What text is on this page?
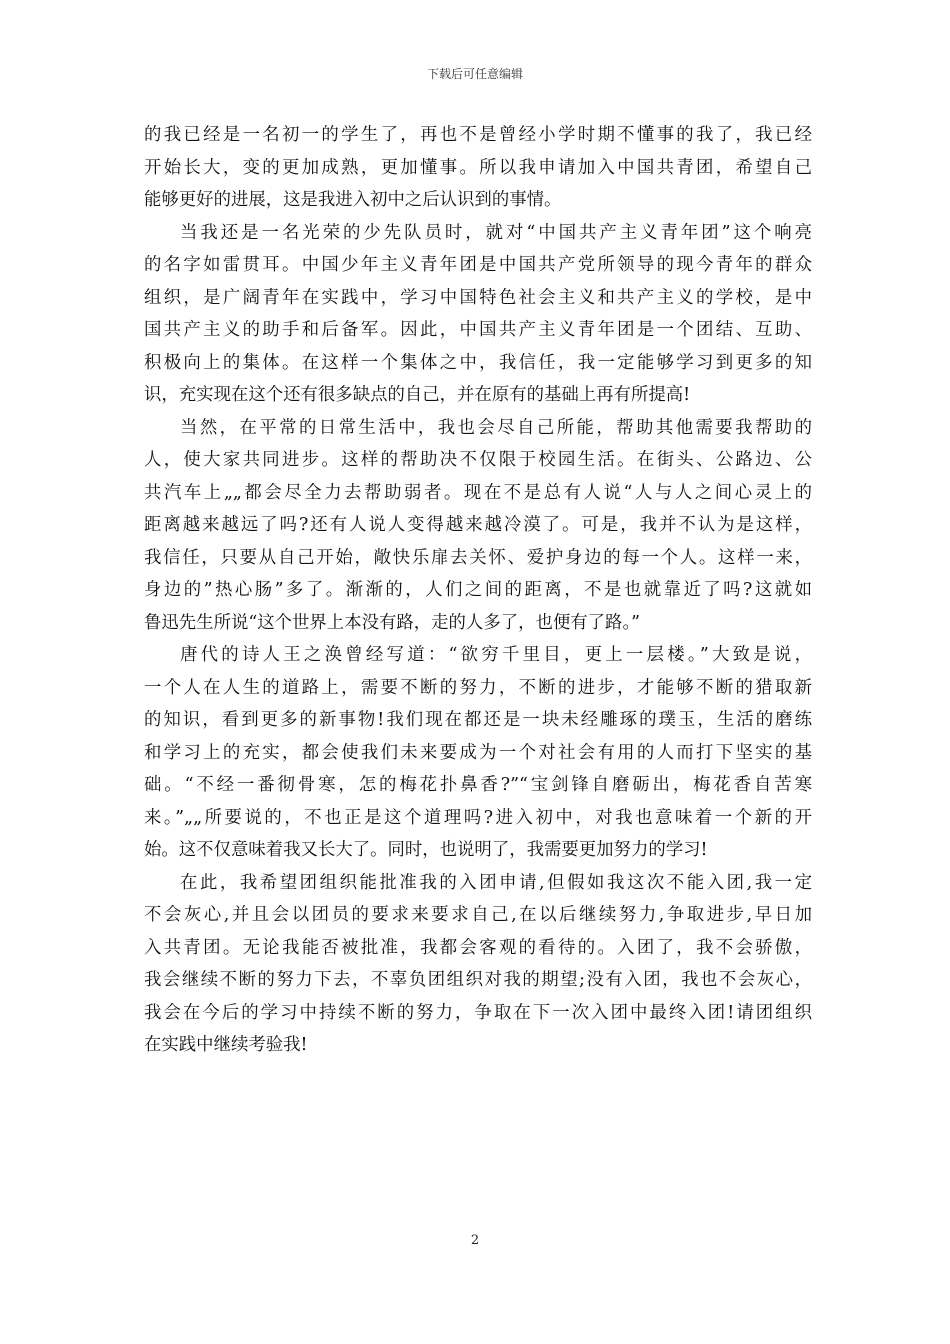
下载后可任意编辑
的我已经是一名初一的学生了，再也不是曾经小学时期不懂事的我了，我已经
开始长大，变的更加成熟，更加懂事。所以我申请加入中国共青团，希望自己
能够更好的进展，这是我进入初中之后认识到的事情。
当我还是一名光荣的少先队员时，就对“中国共产主义青年团”这个响亮
的名字如雷贯耳。中国少年主义青年团是中国共产党所领导的现今青年的群众
组织，是广阔青年在实践中，学习中国特色社会主义和共产主义的学校，是中
国共产主义的助手和后备军。因此，中国共产主义青年团是一个团结、互助、
积极向上的集体。在这样一个集体之中，我信任，我一定能够学习到更多的知
识，充实现在这个还有很多缺点的自己，并在原有的基础上再有所提高!
当然，在平常的日常生活中，我也会尽自己所能，帮助其他需要我帮助的
人，使大家共同进步。这样的帮助决不仅限于校园生活。在街头、公路边、公
共汽车上„„都会尽全力去帮助弱者。现在不是总有人说“人与人之间心灵上的
距离越来越远了吗?还有人说人变得越来越冷漠了。可是，我并不认为是这样，
我信任，只要从自己开始，敞快乐扉去关怀、爱护身边的每一个人。这样一来，
身边的”热心肠”多了。渐渐的，人们之间的距离，不是也就靠近了吗?这就如
鲁迅先生所说“这个世界上本没有路，走的人多了，也便有了路。”
唐代的诗人王之涣曾经写道：“欲穷千里目，更上一层楼。”大致是说，
一个人在人生的道路上，需要不断的努力，不断的进步，才能够不断的猎取新
的知识，看到更多的新事物!我们现在都还是一块未经雕琢的璞玉，生活的磨练
和学习上的充实，都会使我们未来要成为一个对社会有用的人而打下坚实的基
础。“不经一番彻骨寒，怎的梅花扑鼻香?”“宝剑锋自磨砺出，梅花香自苦寒
来。”„„所要说的，不也正是这个道理吗?进入初中，对我也意味着一个新的开
始。这不仅意味着我又长大了。同时，也说明了，我需要更加努力的学习!
在此，我希望团组织能批准我的入团申请,但假如我这次不能入团,我一定
不会灰心,并且会以团员的要求来要求自己,在以后继续努力,争取进步,早日加
入共青团。无论我能否被批准，我都会客观的看待的。入团了，我不会骄傲，
我会继续不断的努力下去，不辜负团组织对我的期望;没有入团，我也不会灰心，
我会在今后的学习中持续不断的努力，争取在下一次入团中最终入团!请团组织
在实践中继续考验我!
2
